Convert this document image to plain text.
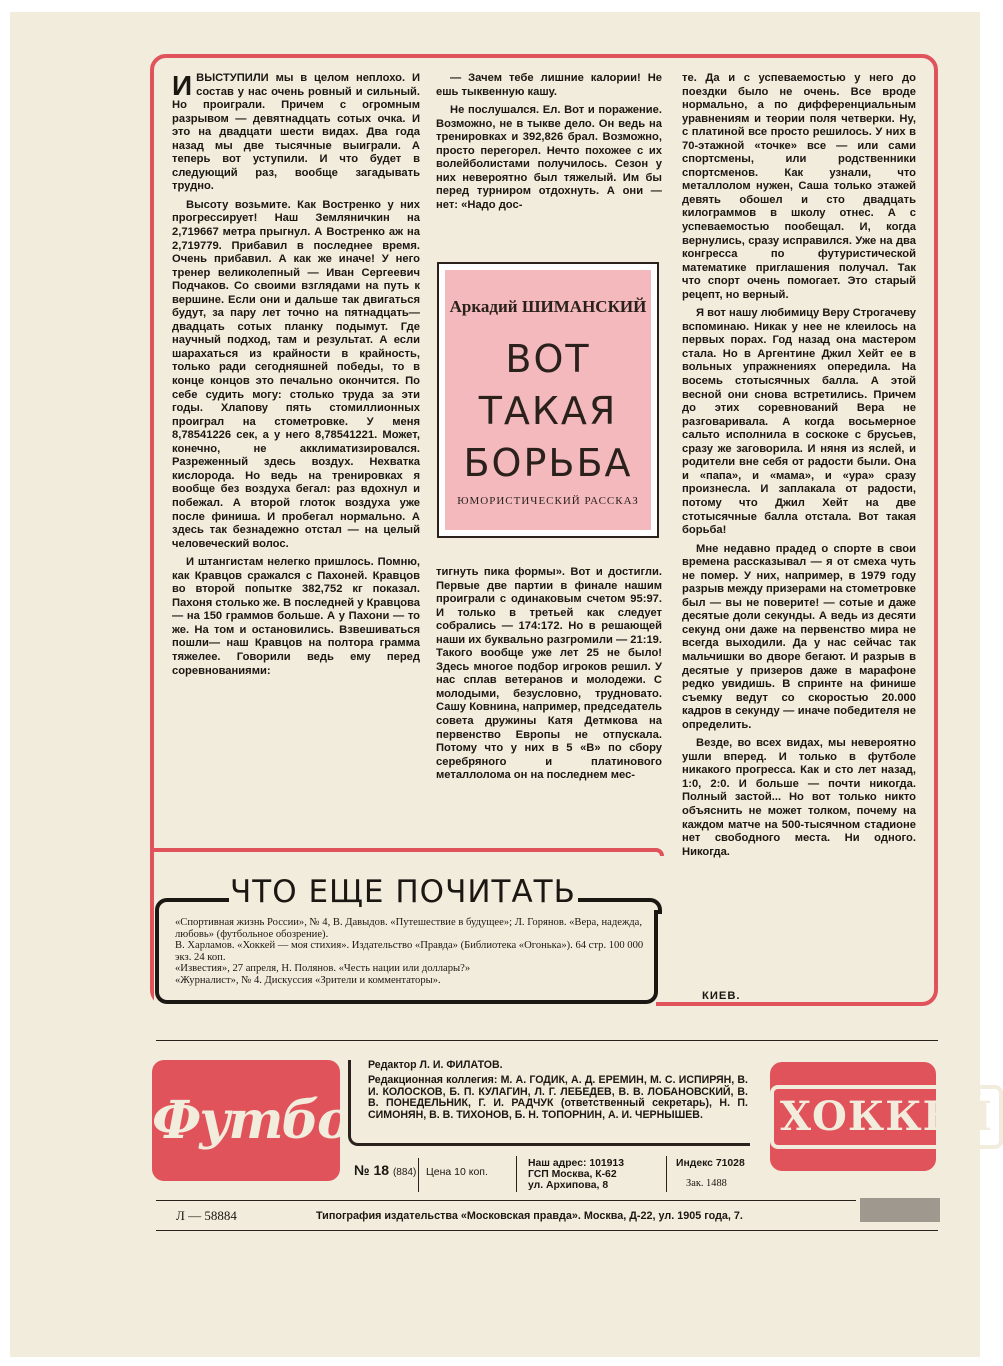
ИВЫСТУПИЛИ мы в целом неплохо. И состав у нас очень ровный и сильный. Но проиграли. Причем с огромным разрывом — девятнадцать сотых очка. И это на двадцати шести видах. Два года назад мы две тысячные выиграли. А теперь вот уступили. И что будет в следующий раз, вообще загадывать трудно.

Высоту возьмите. Как Востренко у них прогрессирует! Наш Земляничкин на 2,719667 метра прыгнул. А Востренко аж на 2,719779. Прибавил в последнее время. Очень прибавил. А как же иначе! У него тренер великолепный — Иван Сергеевич Подчаков. Со своими взглядами на путь к вершине. Если они и дальше так двигаться будут, за пару лет точно на пятнадцать—двадцать сотых планку подымут. Где научный подход, там и результат. А если шарахаться из крайности в крайность, только ради сегодняшней победы, то в конце концов это печально окончится. По себе судить могу: столько труда за эти годы. Хлапову пять стомиллионных проиграл на стометровке. У меня 8,78541226 сек, а у него 8,78541221. Может, конечно, не акклиматизировался. Разреженный здесь воздух. Нехватка кислорода. Но ведь на тренировках я вообще без воздуха бегал: раз вдохнул и побежал. А второй глоток воздуха уже после финиша. И пробегал нормально. А здесь так безнадежно отстал — на целый человеческий волос.

И штангистам нелегко пришлось. Помню, как Кравцов сражался с Пахоней. Кравцов во второй попытке 382,752 кг показал. Пахоня столько же. В последней у Кравцова — на 150 граммов больше. А у Пахони — то же. На том и остановились. Взвешиваться пошли— наш Кравцов на полтора грамма тяжелее. Говорили ведь ему перед соревнованиями:

— Зачем тебе лишние калории! Не ешь тыквенную кашу.

Не послушался. Ел. Вот и поражение. Возможно, не в тыкве дело. Он ведь на тренировках и 392,826 брал. Возможно, просто перегорел. Нечто похожее с их волейболистами получилось. Сезон у них невероятно был тяжелый. Им бы перед турниром отдохнуть. А они — нет: «Надо дос-

Аркадий ШИМАНСКИЙ
ВОТ
ТАКАЯ
БОРЬБА
ЮМОРИСТИЧЕСКИЙ РАССКАЗ

тигнуть пика формы». Вот и достигли. Первые две партии в финале нашим проиграли с одинаковым счетом 95:97. И только в третьей как следует собрались — 174:172. Но в решающей наши их буквально разгромили — 21:19. Такого вообще уже лет 25 не было! Здесь многое подбор игроков решил. У нас сплав ветеранов и молодежи. С молодыми, безусловно, трудновато. Сашу Ковнина, например, председатель совета дружины Катя Детмкова на первенство Европы не отпускала. Потому что у них в 5 «В» по сбору серебряного и платинового металлолома он на последнем мес-

те. Да и с успеваемостью у него до поездки было не очень. Все вроде нормально, а по дифференциальным уравнениям и теории поля четверки. Ну, с платиной все просто решилось. У них в 70-этажной «точке» все — или сами спортсмены, или родственники спортсменов. Как узнали, что металлолом нужен, Саша только этажей девять обошел и сто двадцать килограммов в школу отнес. А с успеваемостью пообещал. И, когда вернулись, сразу исправился. Уже на два конгресса по футуристической математике приглашения получал. Так что спорт очень помогает. Это старый рецепт, но верный.

Я вот нашу любимицу Веру Строгачеву вспоминаю. Никак у нее не клеилось на первых порах. Год назад она мастером стала. Но в Аргентине Джил Хейт ее в вольных упражнениях опередила. На восемь стотысячных балла. А этой весной они снова встретились. Причем до этих соревнований Вера не разговаривала. А когда восьмерное сальто исполнила в соскоке с брусьев, сразу же заговорила. И няня из яслей, и родители вне себя от радости были. Она и «папа», и «мама», и «ура» сразу произнесла. И заплакала от радости, потому что Джил Хейт на две стотысячные балла отстала. Вот такая борьба!

Мне недавно прадед о спорте в свои времена рассказывал — я от смеха чуть не помер. У них, например, в 1979 году разрыв между призерами на стометровке был — вы не поверите! — сотые и даже десятые доли секунды. А ведь из десяти секунд они даже на первенство мира не всегда выходили. Да у нас сейчас так мальчишки во дворе бегают. И разрыв в десятые у призеров даже в марафоне редко увидишь. В спринте на финише съемку ведут со скоростью 20.000 кадров в секунду — иначе победителя не определить.

Везде, во всех видах, мы невероятно ушли вперед. И только в футболе никакого прогресса. Как и сто лет назад, 1:0, 2:0. И больше — почти никогда. Полный застой... Но вот только никто объяснить не может толком, почему на каждом матче на 500-тысячном стадионе нет свободного места. Ни одного. Никогда.

КИЕВ.
ЧТО ЕЩЕ ПОЧИТАТЬ
«Спортивная жизнь России», № 4, В. Давыдов. «Путешествие в будущее»; Л. Горянов. «Вера, надежда, любовь» (футбольное обозрение).
В. Харламов. «Хоккей — моя стихия». Издательство «Правда» (Библиотека «Огонька»). 64 стр. 100 000 экз. 24 коп.
«Известия», 27 апреля, Н. Полянов. «Честь нации или доллары?»
«Журналист», № 4. Дискуссия «Зрители и комментаторы».
Футбол	ХОККЕЙ
Редактор Л. И. ФИЛАТОВ.
Редакционная коллегия: М. А. ГОДИК, А. Д. ЕРЕМИН, М. С. ИСПИРЯН, В. И. КОЛОСКОВ, Б. П. КУЛАГИН, Л. Г. ЛЕБЕДЕВ, В. В. ЛОБАНОВСКИЙ, В. В. ПОНЕДЕЛЬНИК, Г. И. РАДЧУК (ответственный секретарь), Н. П. СИМОНЯН, В. В. ТИХОНОВ, Б. Н. ТОПОРНИН, А. И. ЧЕРНЫШЕВ.
№ 18 (884) Цена 10 коп.
Наш адрес: 101913
ГСП Москва, К-62
ул. Архипова, 8
Индекс 71028
Зак. 1488
Л — 58884	Типография издательства «Московская правда». Москва, Д-22, ул. 1905 года, 7.
